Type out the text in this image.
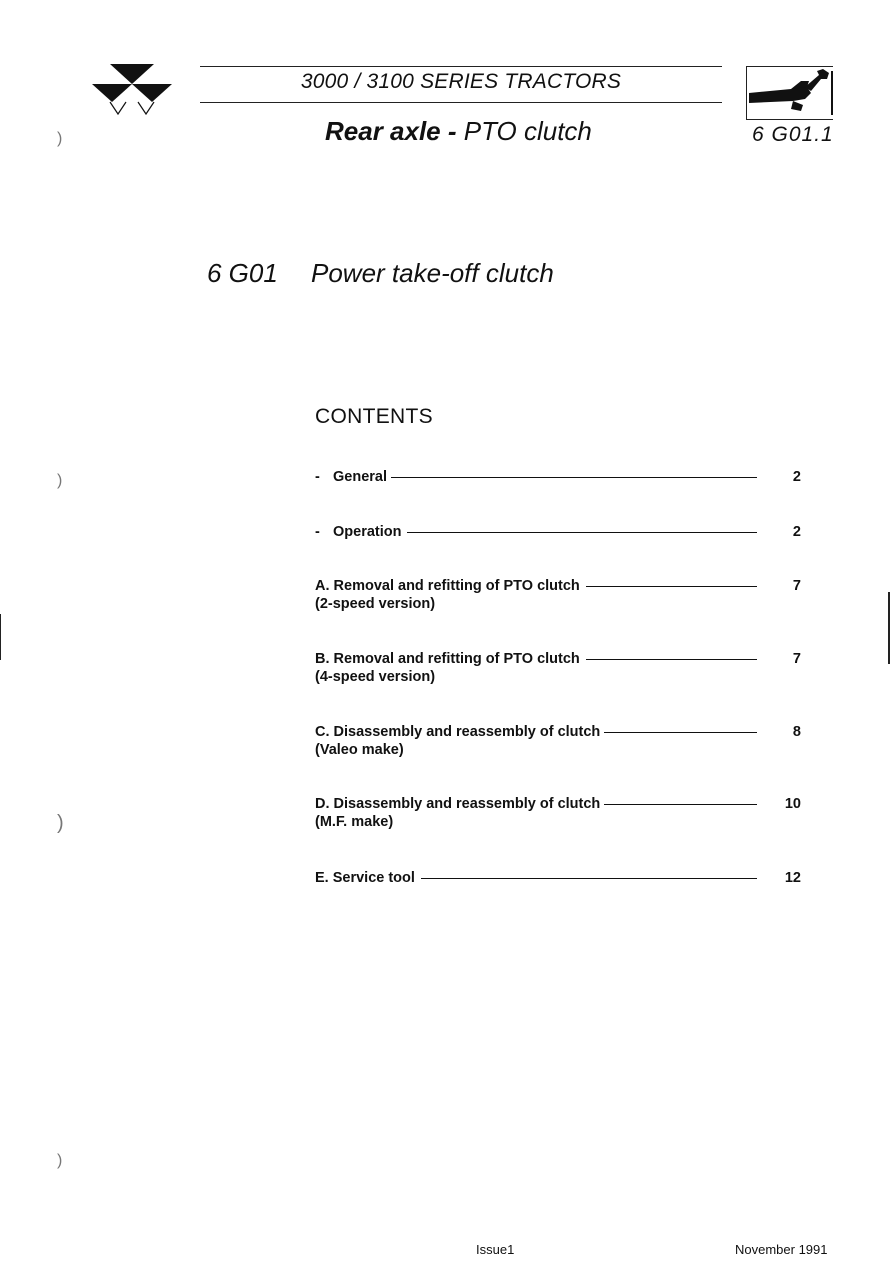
3000 / 3100 SERIES TRACTORS
Rear axle - PTO clutch	6 G01.1
6 G01 Power take-off clutch
CONTENTS
- General	2
- Operation	2
A. Removal and refitting of PTO clutch	7
(2-speed version)
B. Removal and refitting of PTO clutch	7
(4-speed version)
C. Disassembly and reassembly of clutch	8
(Valeo make)
D. Disassembly and reassembly of clutch	10
(M.F. make)
E. Service tool	12
)
)
)
)
Issue1	November 1991
